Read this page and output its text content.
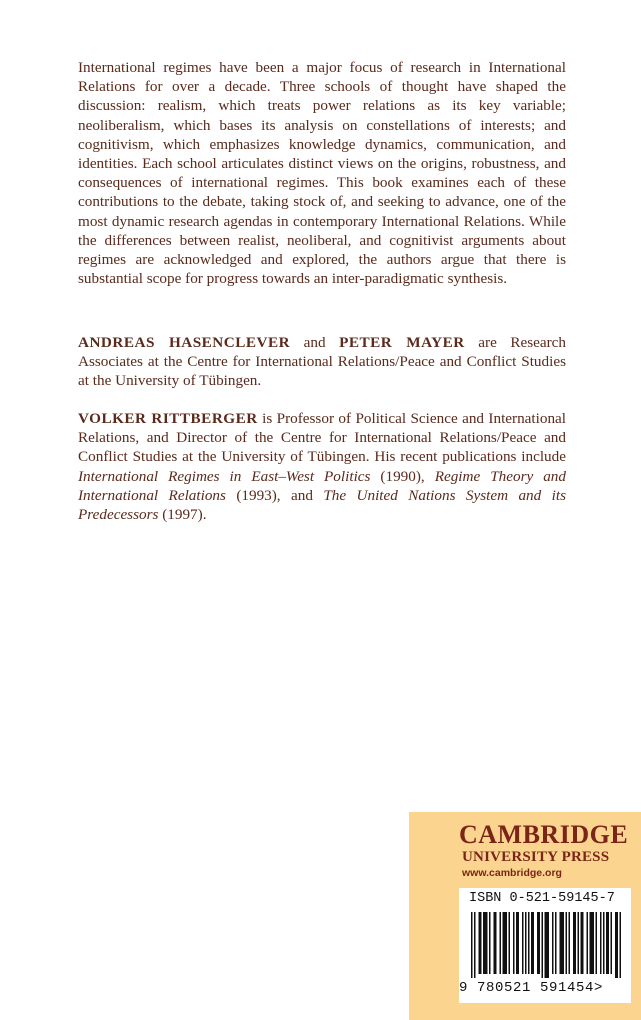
International regimes have been a major focus of research in International Relations for over a decade. Three schools of thought have shaped the discussion: realism, which treats power relations as its key variable; neoliberalism, which bases its analysis on constellations of interests; and cognitivism, which emphasizes knowledge dynamics, communication, and identities. Each school articulates distinct views on the origins, robustness, and consequences of international regimes. This book examines each of these contributions to the debate, taking stock of, and seeking to advance, one of the most dynamic research agendas in contemporary International Relations. While the differences between realist, neoliberal, and cognitivist arguments about regimes are acknowledged and explored, the authors argue that there is substantial scope for progress towards an inter-paradigmatic synthesis.

ANDREAS HASENCLEVER and PETER MAYER are Research Associates at the Centre for International Relations/Peace and Conflict Studies at the University of Tübingen.

VOLKER RITTBERGER is Professor of Political Science and International Relations, and Director of the Centre for International Relations/Peace and Conflict Studies at the University of Tübingen. His recent publications include International Regimes in East–West Politics (1990), Regime Theory and International Relations (1993), and The United Nations System and its Predecessors (1997).

CAMBRIDGE
UNIVERSITY PRESS
www.cambridge.org
ISBN 0-521-59145-7
9 780521 591454>
